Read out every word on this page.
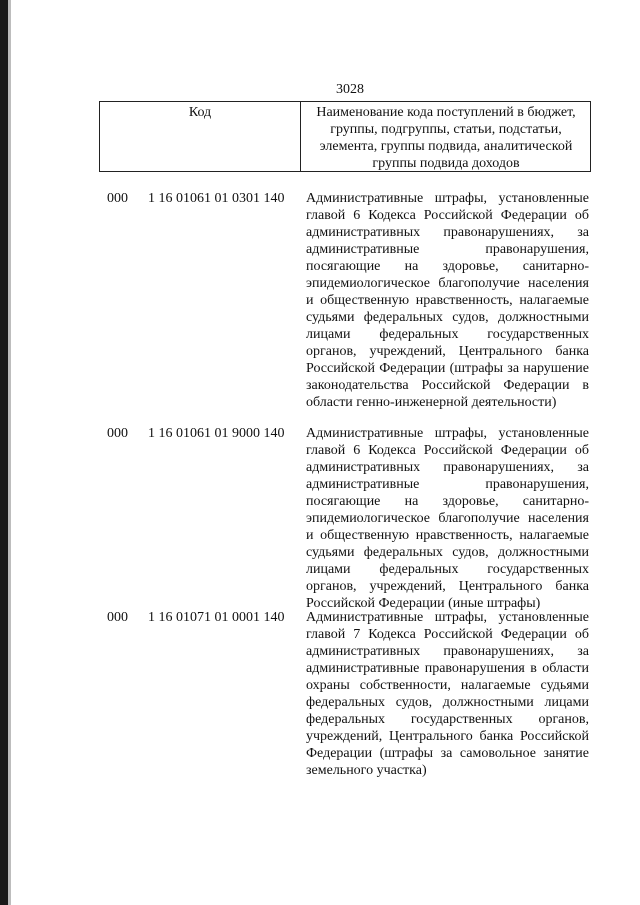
3028
Код	Наименование кода поступлений в бюджет, группы, подгруппы, статьи, подстатьи, элемента, группы подвида, аналитической группы подвида доходов
000 1 16 01061 01 0301 140 Административные штрафы, установленные главой 6 Кодекса Российской Федерации об административных правонарушениях, за административные правонарушения, посягающие на здоровье, санитарно-эпидемиологическое благополучие населения и общественную нравственность, налагаемые судьями федеральных судов, должностными лицами федеральных государственных органов, учреждений, Центрального банка Российской Федерации (штрафы за нарушение законодательства Российской Федерации в области генно-инженерной деятельности)
000 1 16 01061 01 9000 140 Административные штрафы, установленные главой 6 Кодекса Российской Федерации об административных правонарушениях, за административные правонарушения, посягающие на здоровье, санитарно-эпидемиологическое благополучие населения и общественную нравственность, налагаемые судьями федеральных судов, должностными лицами федеральных государственных органов, учреждений, Центрального банка Российской Федерации (иные штрафы)
000 1 16 01071 01 0001 140 Административные штрафы, установленные главой 7 Кодекса Российской Федерации об административных правонарушениях, за административные правонарушения в области охраны собственности, налагаемые судьями федеральных судов, должностными лицами федеральных государственных органов, учреждений, Центрального банка Российской Федерации (штрафы за самовольное занятие земельного участка)
